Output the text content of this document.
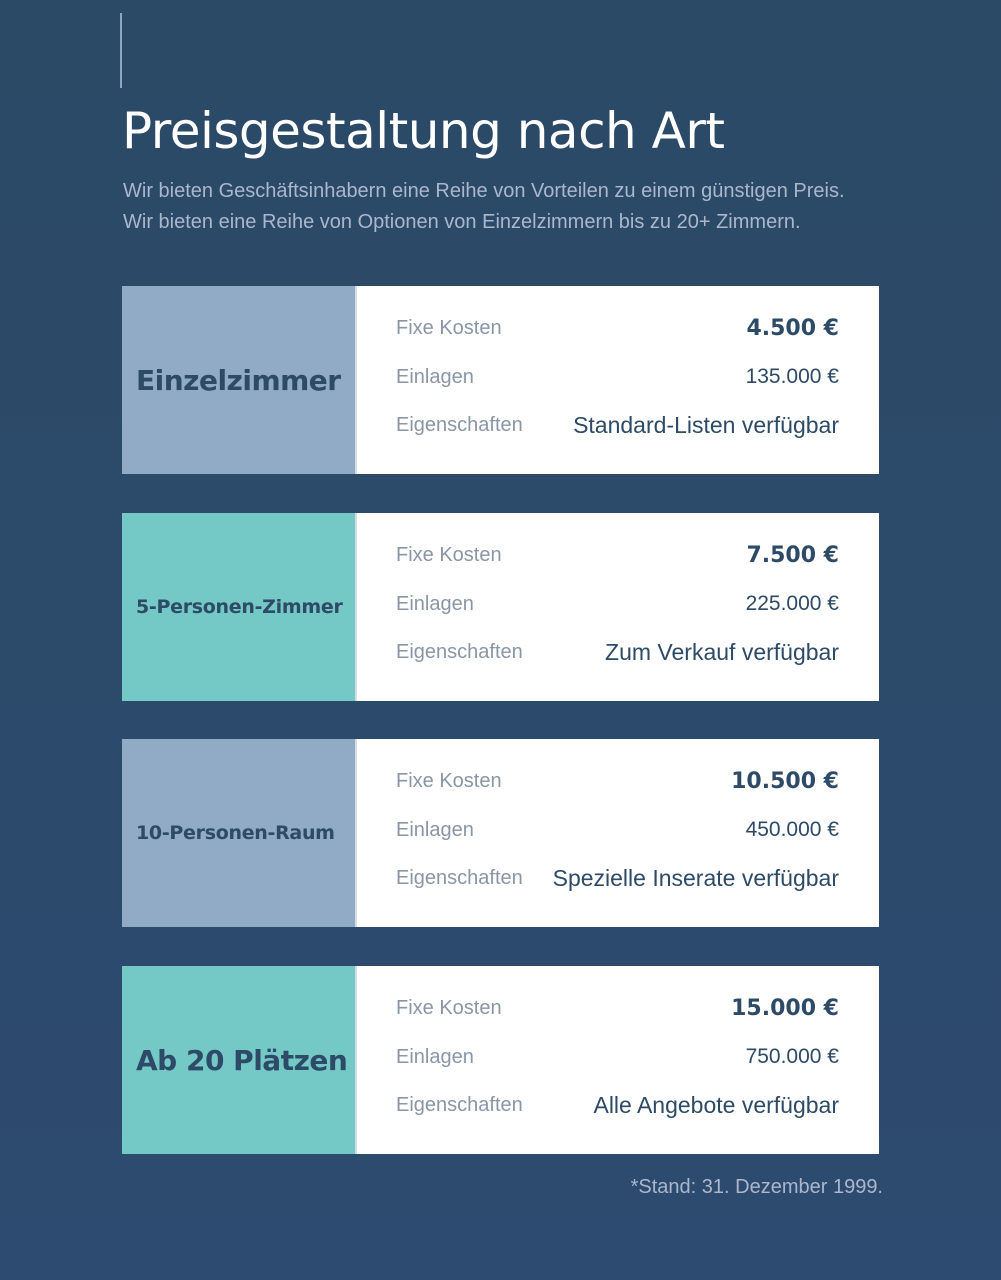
Preisgestaltung nach Art

Wir bieten Geschäftsinhabern eine Reihe von Vorteilen zu einem günstigen Preis.
Wir bieten eine Reihe von Optionen von Einzelzimmern bis zu 20+ Zimmern.

Einzelzimmer
Fixe Kosten	4.500 €
Einlagen	135.000 €
Eigenschaften Standard-Listen verfügbar
5-Personen-Zimmer
Fixe Kosten	7.500 €
Einlagen	225.000 €
Eigenschaften	Zum Verkauf verfügbar
10-Personen-Raum
Fixe Kosten	10.500 €
Einlagen	450.000 €
Eigenschaften Spezielle Inserate verfügbar
Ab 20 Plätzen
Fixe Kosten	15.000 €
Einlagen	750.000 €
Eigenschaften	Alle Angebote verfügbar
*Stand: 31. Dezember 1999.
